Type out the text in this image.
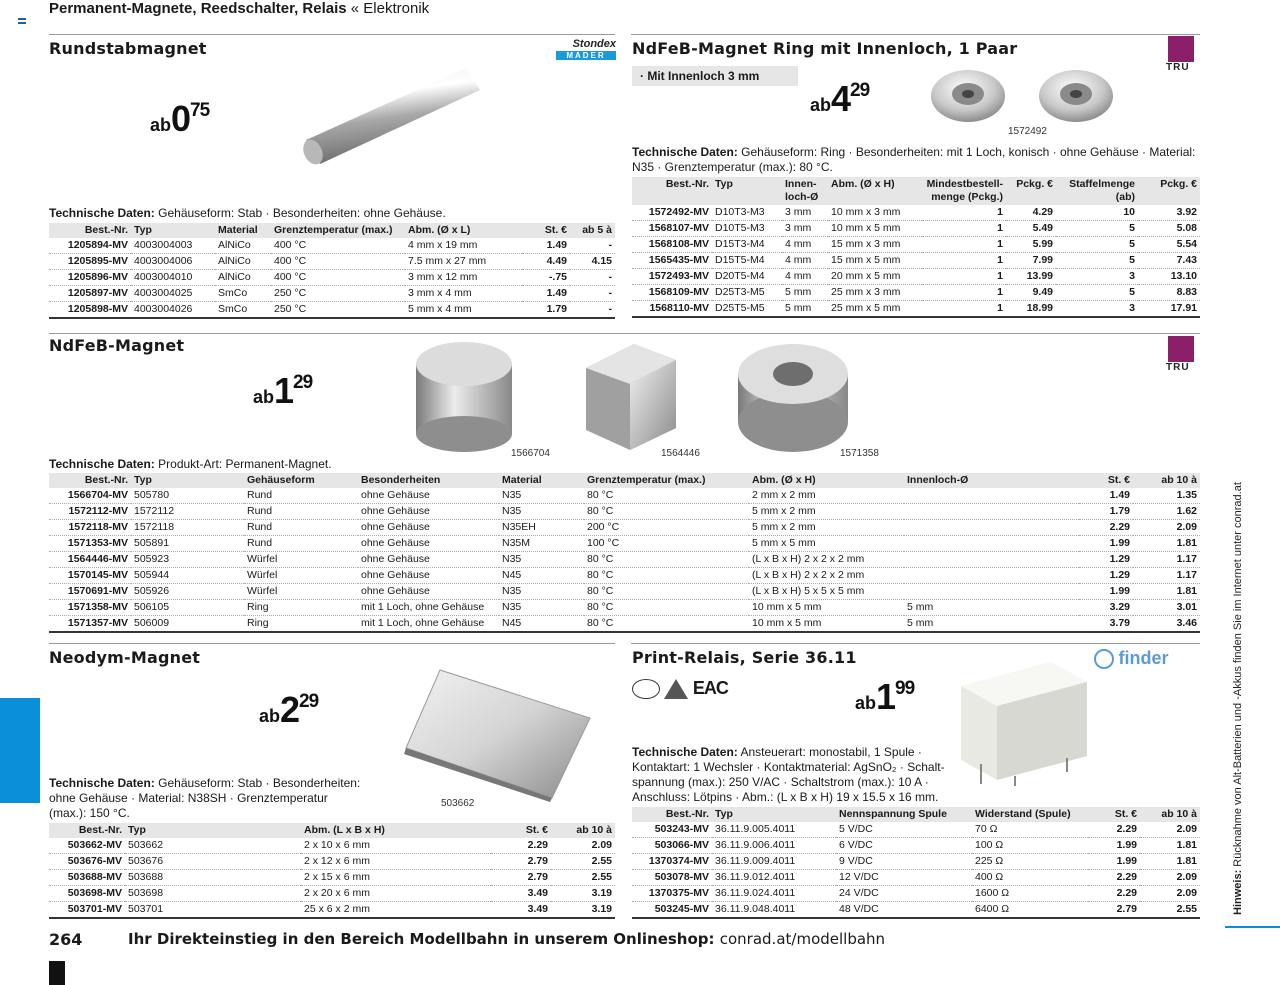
Permanent-Magnete, Reedschalter, Relais « Elektronik
Rundstabmagnet	Stondex
MADER
ab075
Technische Daten: Gehäuseform: Stab · Besonderheiten: ohne Gehäuse.
Best.-Nr.	Typ	Material	Grenztemperatur (max.)	Abm. (Ø x L)	St. €	ab 5 à
1205894-MV	4003004003	AlNiCo	400 °C	4 mm x 19 mm	1.49	-
1205895-MV	4003004006	AlNiCo	400 °C	7.5 mm x 27 mm	4.49	4.15
1205896-MV	4003004010	AlNiCo	400 °C	3 mm x 12 mm	-.75	-
1205897-MV	4003004025	SmCo	250 °C	3 mm x 4 mm	1.49	-
1205898-MV	4003004026	SmCo	250 °C	5 mm x 4 mm	1.79	-
NdFeB-Magnet Ring mit Innenloch, 1 Paar
TRU
· Mit Innenloch 3 mm
ab429
1572492
Technische Daten: Gehäuseform: Ring · Besonderheiten: mit 1 Loch, konisch · ohne Gehäuse · Material: N35 · Grenztemperatur (max.): 80 °C.
Best.-Nr.	Typ	Innen-loch-Ø	Abm. (Ø x H)	Mindestbestell-menge (Pckg.)	Pckg. €	Staffelmenge (ab)	Pckg. €
1572492-MV	D10T3-M3	3 mm	10 mm x 3 mm	1	4.29	10	3.92
1568107-MV	D10T5-M3	3 mm	10 mm x 5 mm	1	5.49	5	5.08
1568108-MV	D15T3-M4	4 mm	15 mm x 3 mm	1	5.99	5	5.54
1565435-MV	D15T5-M4	4 mm	15 mm x 5 mm	1	7.99	5	7.43
1572493-MV	D20T5-M4	4 mm	20 mm x 5 mm	1	13.99	3	13.10
1568109-MV	D25T3-M5	5 mm	25 mm x 3 mm	1	9.49	5	8.83
1568110-MV	D25T5-M5	5 mm	25 mm x 5 mm	1	18.99	3	17.91
NdFeB-Magnet
TRU
ab129
1566704	1564446	1571358
Technische Daten: Produkt-Art: Permanent-Magnet.
Best.-Nr.	Typ	Gehäuseform	Besonderheiten	Material	Grenztemperatur (max.)	Abm. (Ø x H)	Innenloch-Ø	St. €	ab 10 à
1566704-MV	505780	Rund	ohne Gehäuse	N35	80 °C	2 mm x 2 mm		1.49	1.35
1572112-MV	1572112	Rund	ohne Gehäuse	N35	80 °C	5 mm x 2 mm		1.79	1.62
1572118-MV	1572118	Rund	ohne Gehäuse	N35EH	200 °C	5 mm x 2 mm		2.29	2.09
1571353-MV	505891	Rund	ohne Gehäuse	N35M	100 °C	5 mm x 5 mm		1.99	1.81
1564446-MV	505923	Würfel	ohne Gehäuse	N35	80 °C	(L x B x H) 2 x 2 x 2 mm		1.29	1.17
1570145-MV	505944	Würfel	ohne Gehäuse	N45	80 °C	(L x B x H) 2 x 2 x 2 mm		1.29	1.17
1570691-MV	505926	Würfel	ohne Gehäuse	N35	80 °C	(L x B x H) 5 x 5 x 5 mm		1.99	1.81
1571358-MV	506105	Ring	mit 1 Loch, ohne Gehäuse	N35	80 °C	10 mm x 5 mm	5 mm	3.29	3.01
1571357-MV	506009	Ring	mit 1 Loch, ohne Gehäuse	N45	80 °C	10 mm x 5 mm	5 mm	3.79	3.46
Neodym-Magnet
ab229
503662
Technische Daten: Gehäuseform: Stab · Besonderheiten:
ohne Gehäuse · Material: N38SH · Grenztemperatur
(max.): 150 °C.
Best.-Nr.	Typ	Abm. (L x B x H)	St. €	ab 10 à
503662-MV	503662	2 x 10 x 6 mm	2.29	2.09
503676-MV	503676	2 x 12 x 6 mm	2.79	2.55
503688-MV	503688	2 x 15 x 6 mm	2.79	2.55
503698-MV	503698	2 x 20 x 6 mm	3.49	3.19
503701-MV	503701	25 x 6 x 2 mm	3.49	3.19
Print-Relais, Serie 36.11	finder
EAC
ab199
Technische Daten: Ansteuerart: monostabil, 1 Spule ·
Kontaktart: 1 Wechsler · Kontaktmaterial: AgSnO₂ · Schalt-
spannung (max.): 250 V/AC · Schaltstrom (max.): 10 A ·
Anschluss: Lötpins · Abm.: (L x B x H) 19 x 15.5 x 16 mm.
Best.-Nr.	Typ	Nennspannung Spule	Widerstand (Spule)	St. €	ab 10 à
503243-MV	36.11.9.005.4011	5 V/DC	70 Ω	2.29	2.09
503066-MV	36.11.9.006.4011	6 V/DC	100 Ω	1.99	1.81
1370374-MV	36.11.9.009.4011	9 V/DC	225 Ω	1.99	1.81
503078-MV	36.11.9.012.4011	12 V/DC	400 Ω	2.29	2.09
1370375-MV	36.11.9.024.4011	24 V/DC	1600 Ω	2.29	2.09
503245-MV	36.11.9.048.4011	48 V/DC	6400 Ω	2.79	2.55	Hinweis: Rücknahme von Alt-Batterien und -Akkus finden Sie im Internet unter conrad.at
264	Ihr Direkteinstieg in den Bereich Modellbahn in unserem Onlineshop: conrad.at/modellbahn
